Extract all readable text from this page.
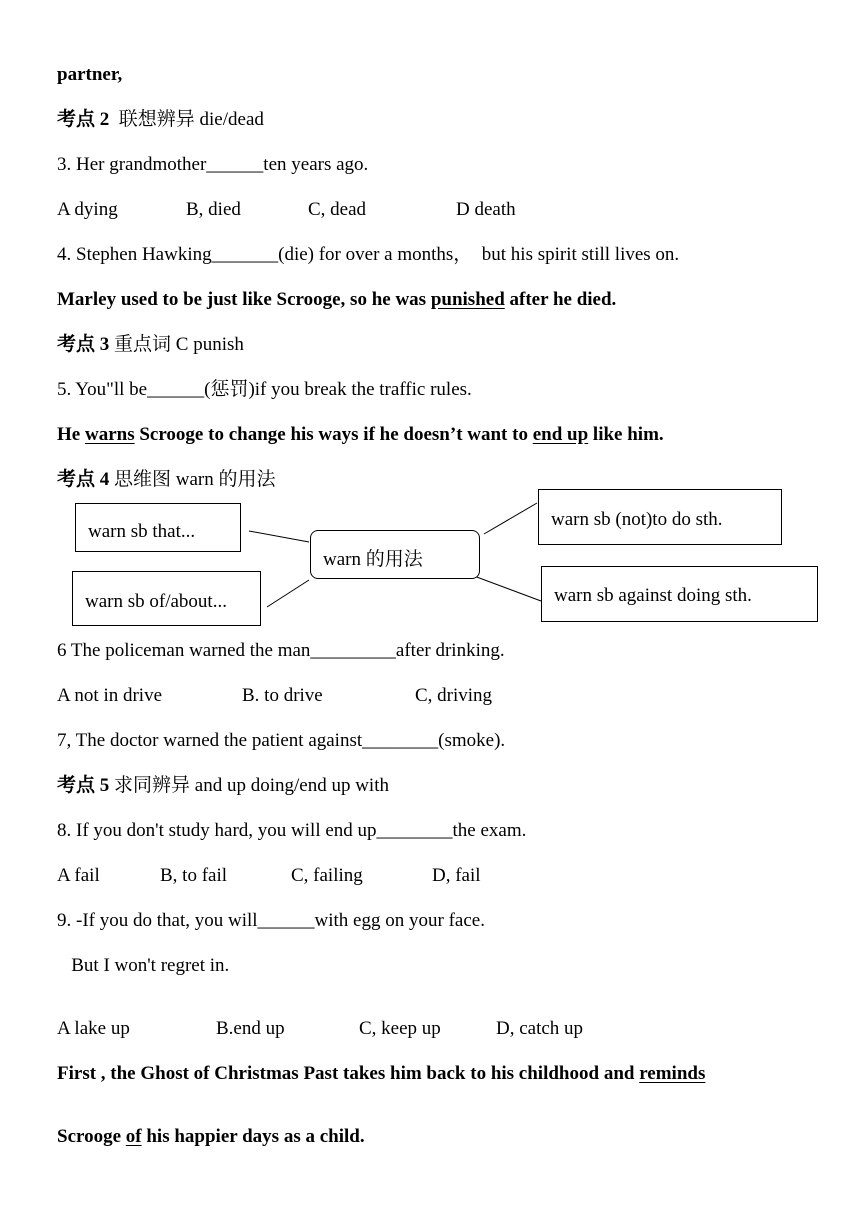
partner,
考点 2  联想辨异 die/dead
3. Her grandmother______ten years ago.
A dying	B, died	C, dead	D death
4. Stephen Hawking_______(die) for over a months，  but his spirit still lives on.
Marley used to be just like Scrooge, so he was punished after he died.
考点 3 重点词 C punish
5. You"ll be______(惩罚)if you break the traffic rules.
He warns Scrooge to change his ways if he doesn’t want to end up like him.
考点 4 思维图 warn 的用法
warn sb that...
warn sb of/about...
warn 的用法
warn sb (not)to do sth.
warn sb against doing sth.
6 The policeman warned the man_________after drinking.
A not in drive	B. to drive	C, driving
7, The doctor warned the patient against________(smoke).
考点 5 求同辨异 and up doing/end up with
8. If you don't study hard, you will end up________the exam.
A fail	B, to fail	C, failing	D, fail
9. -If you do that, you will______with egg on your face.
But I won't regret in.
A lake up	B.end up	C, keep up	D, catch up
First , the Ghost of Christmas Past takes him back to his childhood and reminds
Scrooge of his happier days as a child.
